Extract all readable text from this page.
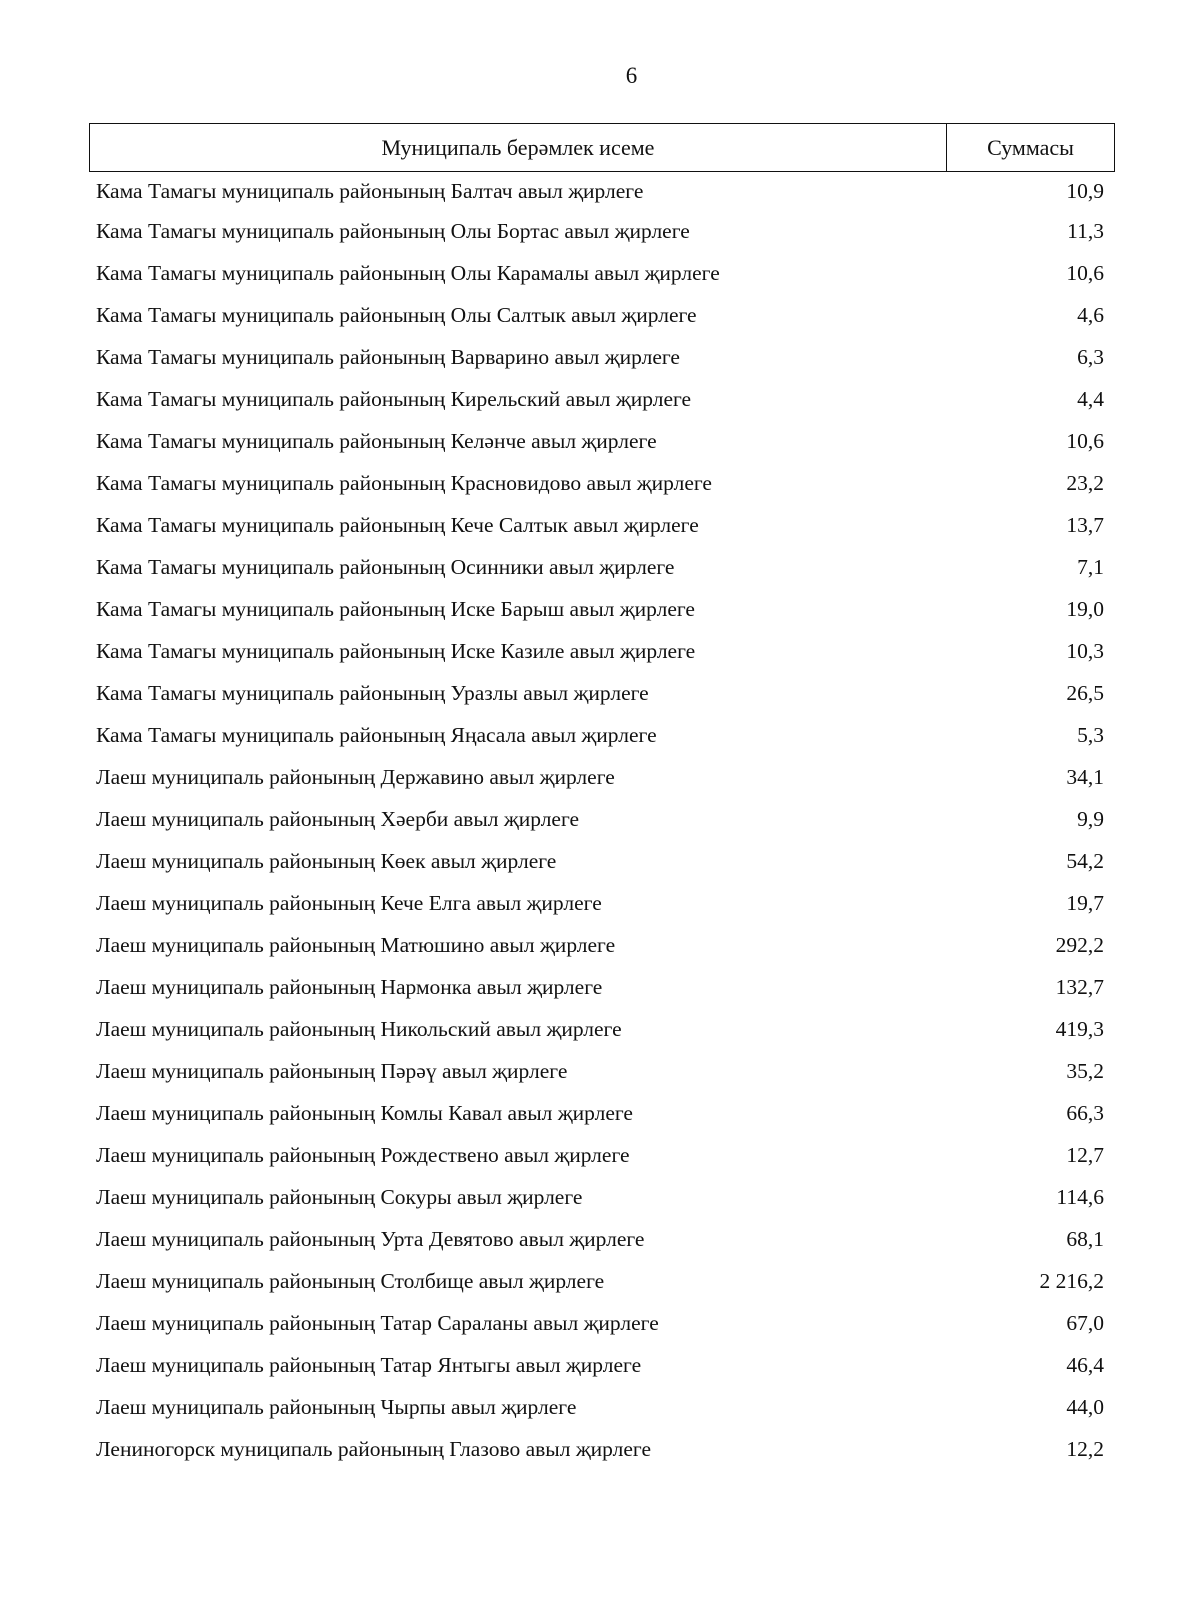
6
Муниципаль берәмлек исеме	Суммасы
Кама Тамагы муниципаль районының Балтач авыл җирлеге	10,9
Кама Тамагы муниципаль районының Олы Бортас авыл җирлеге	11,3
Кама Тамагы муниципаль районының Олы Карамалы авыл җирлеге	10,6
Кама Тамагы муниципаль районының Олы Салтык авыл җирлеге	4,6
Кама Тамагы муниципаль районының Варварино авыл җирлеге	6,3
Кама Тамагы муниципаль районының Кирельский авыл җирлеге	4,4
Кама Тамагы муниципаль районының Келәнче авыл җирлеге	10,6
Кама Тамагы муниципаль районының Красновидово авыл җирлеге	23,2
Кама Тамагы муниципаль районының Кече Салтык авыл җирлеге	13,7
Кама Тамагы муниципаль районының Осинники авыл җирлеге	7,1
Кама Тамагы муниципаль районының Иске Барыш авыл җирлеге	19,0
Кама Тамагы муниципаль районының Иске Казиле авыл җирлеге	10,3
Кама Тамагы муниципаль районының Уразлы авыл җирлеге	26,5
Кама Тамагы муниципаль районының Яңасала авыл җирлеге	5,3
Лаеш муниципаль районының Державино авыл җирлеге	34,1
Лаеш муниципаль районының Хәерби авыл җирлеге	9,9
Лаеш муниципаль районының Көек авыл җирлеге	54,2
Лаеш муниципаль районының Кече Елга авыл җирлеге	19,7
Лаеш муниципаль районының Матюшино авыл җирлеге	292,2
Лаеш муниципаль районының Нармонка авыл җирлеге	132,7
Лаеш муниципаль районының Никольский авыл җирлеге	419,3
Лаеш муниципаль районының Пәрәү авыл җирлеге	35,2
Лаеш муниципаль районының Комлы Кавал авыл җирлеге	66,3
Лаеш муниципаль районының Рождествено авыл җирлеге	12,7
Лаеш муниципаль районының Сокуры авыл җирлеге	114,6
Лаеш муниципаль районының Урта Девятово авыл җирлеге	68,1
Лаеш муниципаль районының Столбище авыл җирлеге	2 216,2
Лаеш муниципаль районының Татар Сараланы авыл җирлеге	67,0
Лаеш муниципаль районының Татар Янтыгы авыл җирлеге	46,4
Лаеш муниципаль районының Чырпы авыл җирлеге	44,0
Лениногорск муниципаль районының Глазово авыл җирлеге	12,2
